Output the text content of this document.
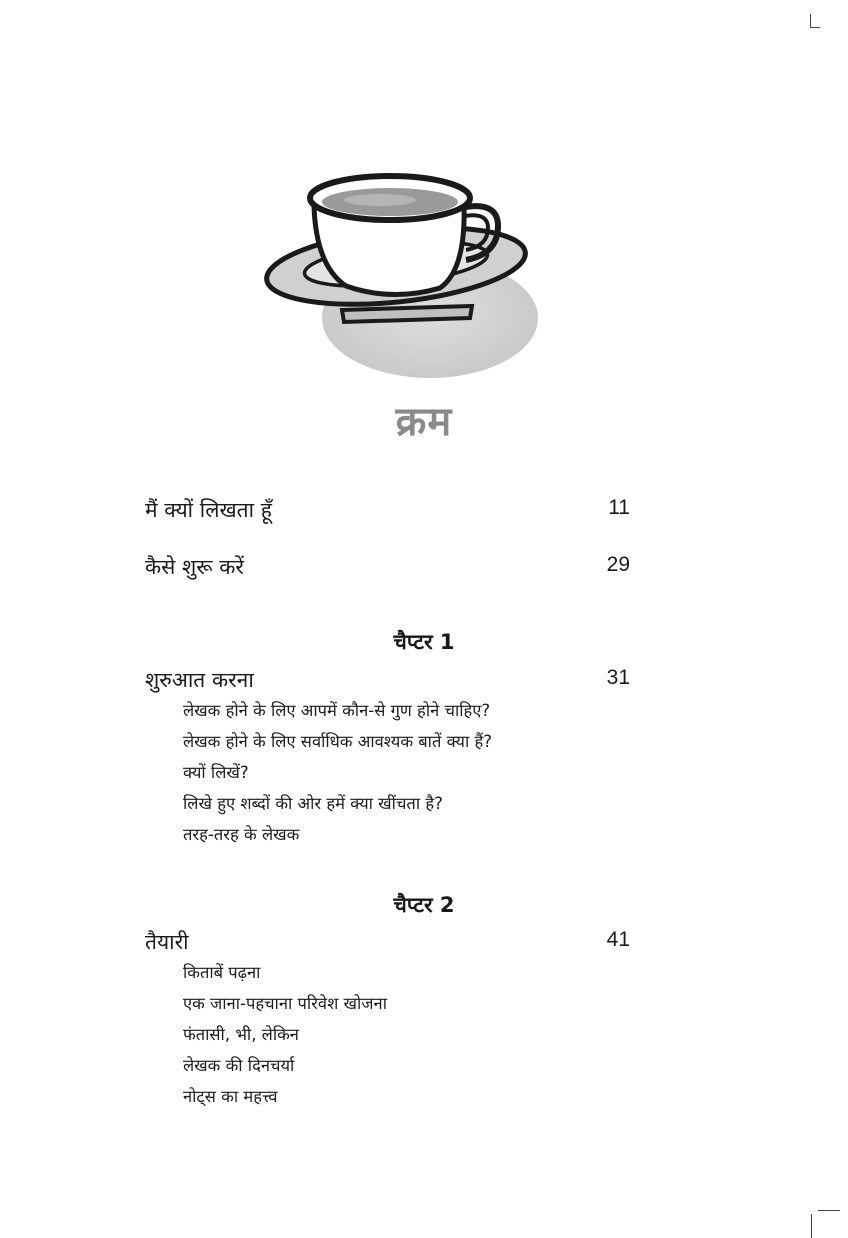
क्रम
मैं क्यों लिखता हूँ	11
कैसे शुरू करें	29
चैप्टर 1
शुरुआत करना	31
लेखक होने के लिए आपमें कौन-से गुण होने चाहिए?
लेखक होने के लिए सर्वाधिक आवश्यक बातें क्या हैं?
क्यों लिखें?
लिखे हुए शब्दों की ओर हमें क्या खींचता है?
तरह-तरह के लेखक
चैप्टर 2
तैयारी	41
किताबें पढ़ना
एक जाना-पहचाना परिवेश खोजना
फंतासी, भी, लेकिन
लेखक की दिनचर्या
नोट्स का महत्त्व
